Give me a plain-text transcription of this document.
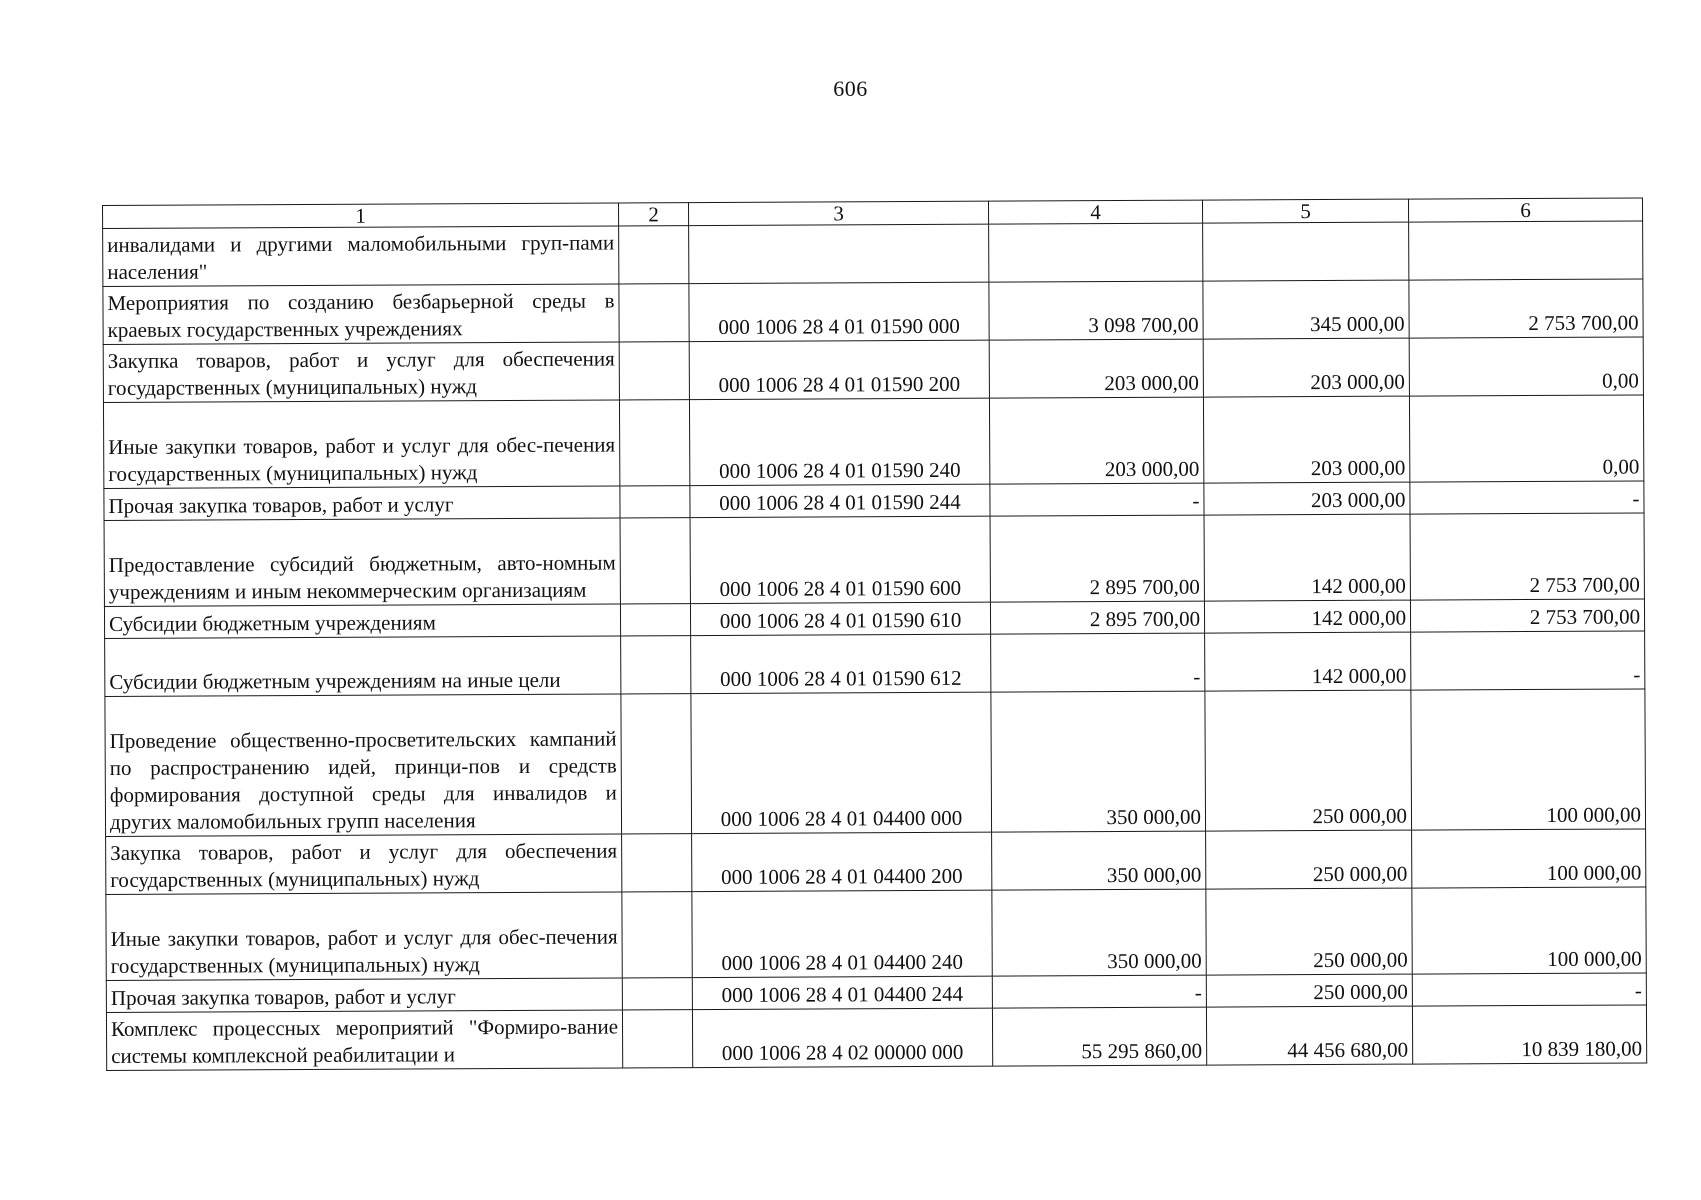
606
1	2	3	4	5	6
инвалидами и другими маломобильными груп-пами населения"					
Мероприятия по созданию безбарьерной среды в краевых государственных учреждениях		000 1006 28 4 01 01590 000	3 098 700,00	345 000,00	2 753 700,00
Закупка товаров, работ и услуг для обеспечения государственных (муниципальных) нужд		000 1006 28 4 01 01590 200	203 000,00	203 000,00	0,00
Иные закупки товаров, работ и услуг для обес-печения государственных (муниципальных) нужд		000 1006 28 4 01 01590 240	203 000,00	203 000,00	0,00
Прочая закупка товаров, работ и услуг		000 1006 28 4 01 01590 244	-	203 000,00	-
Предоставление субсидий бюджетным, авто-номным учреждениям и иным некоммерческим организациям		000 1006 28 4 01 01590 600	2 895 700,00	142 000,00	2 753 700,00
Субсидии бюджетным учреждениям		000 1006 28 4 01 01590 610	2 895 700,00	142 000,00	2 753 700,00
Субсидии бюджетным учреждениям на иные цели		000 1006 28 4 01 01590 612	-	142 000,00	-
Проведение общественно-просветительских кампаний по распространению идей, принци-пов и средств формирования доступной среды для инвалидов и других маломобильных групп населения		000 1006 28 4 01 04400 000	350 000,00	250 000,00	100 000,00
Закупка товаров, работ и услуг для обеспечения государственных (муниципальных) нужд		000 1006 28 4 01 04400 200	350 000,00	250 000,00	100 000,00
Иные закупки товаров, работ и услуг для обес-печения государственных (муниципальных) нужд		000 1006 28 4 01 04400 240	350 000,00	250 000,00	100 000,00
Прочая закупка товаров, работ и услуг		000 1006 28 4 01 04400 244	-	250 000,00	-
Комплекс процессных мероприятий "Формиро-вание системы комплексной реабилитации и		000 1006 28 4 02 00000 000	55 295 860,00	44 456 680,00	10 839 180,00
